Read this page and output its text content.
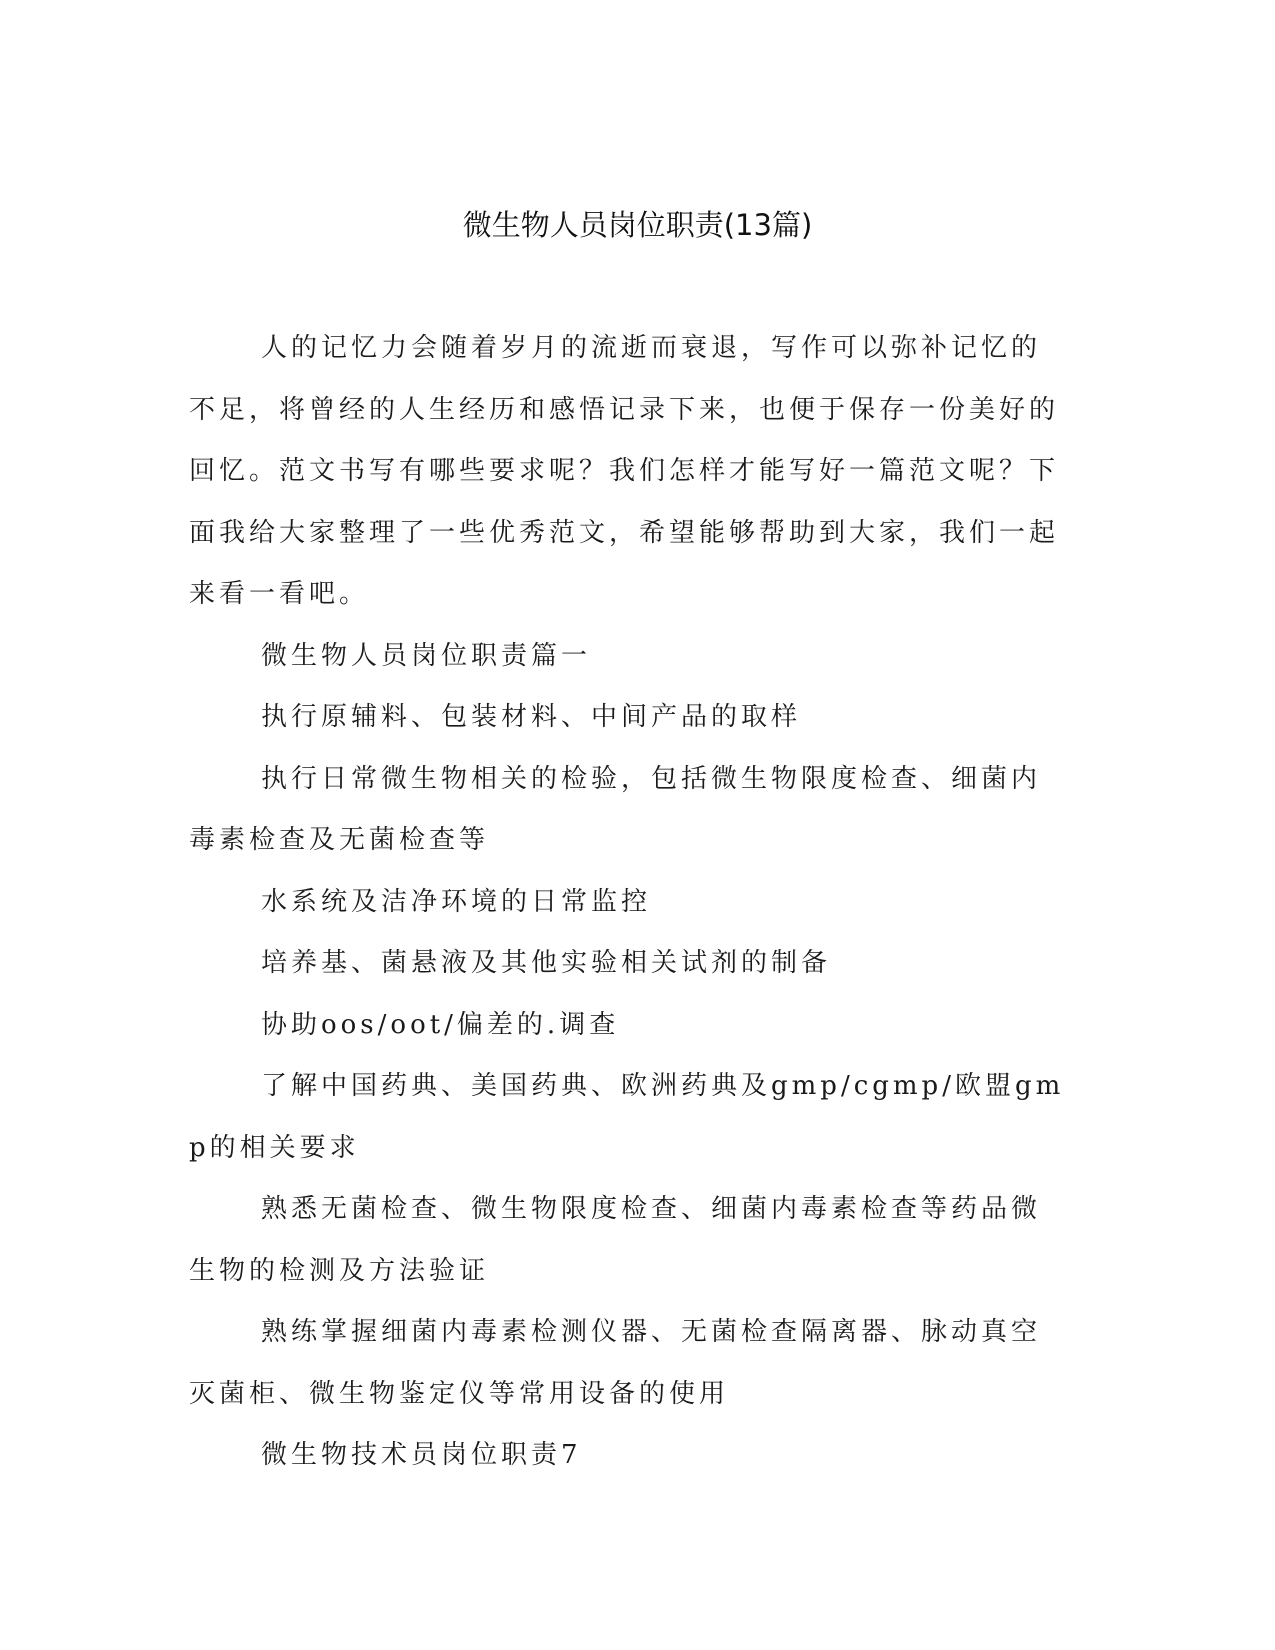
微生物人员岗位职责(13篇)

人的记忆力会随着岁月的流逝而衰退，写作可以弥补记忆的不足，将曾经的人生经历和感悟记录下来，也便于保存一份美好的回忆。范文书写有哪些要求呢？我们怎样才能写好一篇范文呢？下面我给大家整理了一些优秀范文，希望能够帮助到大家，我们一起来看一看吧。

微生物人员岗位职责篇一

执行原辅料、包装材料、中间产品的取样

执行日常微生物相关的检验，包括微生物限度检查、细菌内毒素检查及无菌检查等

水系统及洁净环境的日常监控

培养基、菌悬液及其他实验相关试剂的制备

协助oos/oot/偏差的.调查

了解中国药典、美国药典、欧洲药典及gmp/cgmp/欧盟gmp的相关要求

熟悉无菌检查、微生物限度检查、细菌内毒素检查等药品微生物的检测及方法验证

熟练掌握细菌内毒素检测仪器、无菌检查隔离器、脉动真空灭菌柜、微生物鉴定仪等常用设备的使用

微生物技术员岗位职责7
